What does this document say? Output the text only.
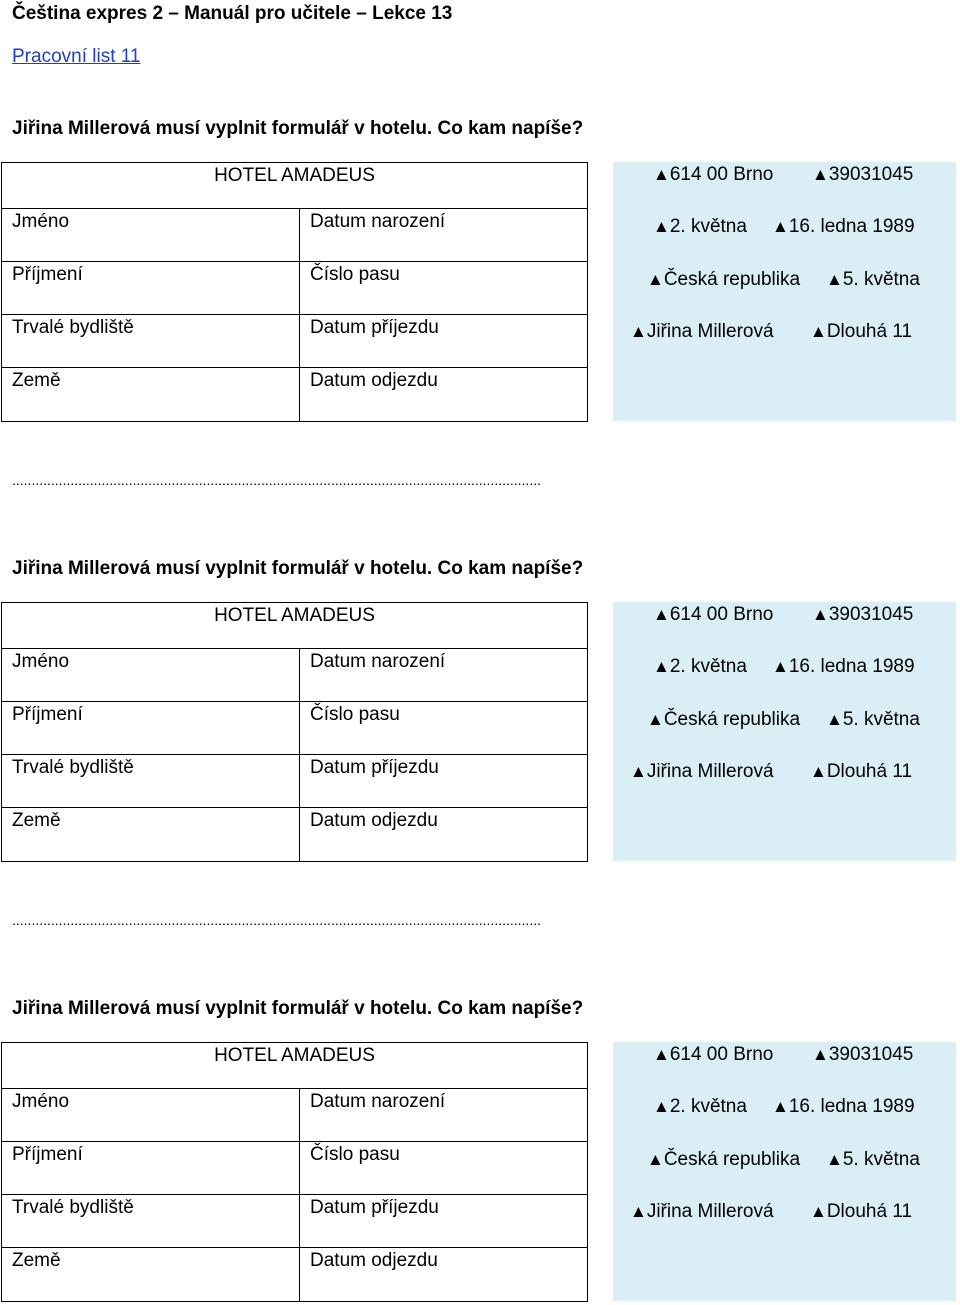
Čeština expres 2 – Manuál pro učitele – Lekce 13
Pracovní list 11
Jiřina Millerová musí vyplnit formulář v hotelu. Co kam napíše?
HOTEL AMADEUS	
Jméno	Datum narození
Příjmení	Číslo pasu
Trvalé bydliště	Datum příjezdu
Země	Datum odjezdu
▲614 00 Brno ▲39031045
▲2. května ▲16. ledna 1989
▲Česká republika ▲5. května
▲Jiřina Millerová ▲Dlouhá 11
........................................................................................................................................
Jiřina Millerová musí vyplnit formulář v hotelu. Co kam napíše?
HOTEL AMADEUS	
Jméno	Datum narození
Příjmení	Číslo pasu
Trvalé bydliště	Datum příjezdu
Země	Datum odjezdu
▲614 00 Brno ▲39031045
▲2. května ▲16. ledna 1989
▲Česká republika ▲5. května
▲Jiřina Millerová ▲Dlouhá 11
........................................................................................................................................
Jiřina Millerová musí vyplnit formulář v hotelu. Co kam napíše?
HOTEL AMADEUS	
Jméno	Datum narození
Příjmení	Číslo pasu
Trvalé bydliště	Datum příjezdu
Země	Datum odjezdu
▲614 00 Brno ▲39031045
▲2. května ▲16. ledna 1989
▲Česká republika ▲5. května
▲Jiřina Millerová ▲Dlouhá 11
